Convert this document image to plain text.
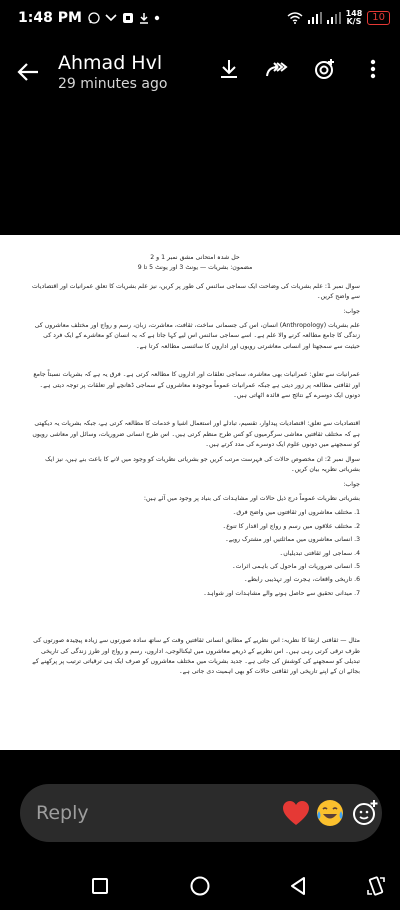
1:48 PM	148
K/S	10
Ahmad Hvl
29 minutes ago
حل شدہ امتحانی مشق نمبر 1 و 2
مضمون: بشریات — یونٹ 3 اور یونٹ 5 تا 9

سوال نمبر 1: علم بشریات کی وضاحت ایک سماجی سائنس کی طور پر کریں، نیز علم بشریات کا تعلق عمرانیات اور اقتصادیات سے واضح کریں۔

جواب:

علم بشریات (Anthropology) انسان، اس کی جسمانی ساخت، ثقافت، معاشرت، زبان، رسم و رواج اور مختلف معاشروں کی زندگی کا جامع مطالعہ کرنے والا علم ہے۔ اسے سماجی سائنس اس لیے کہا جاتا ہے کہ یہ انسان کو معاشرے کے ایک فرد کی حیثیت سے سمجھتا اور انسانی معاشرتی رویوں اور اداروں کا سائنسی مطالعہ کرتا ہے۔

عمرانیات سے تعلق: عمرانیات بھی معاشرہ، سماجی تعلقات اور اداروں کا مطالعہ کرتی ہے۔ فرق یہ ہے کہ بشریات نسبتاً جامع اور ثقافتی مطالعہ پر زور دیتی ہے جبکہ عمرانیات عموماً موجودہ معاشروں کے سماجی ڈھانچے اور تعلقات پر توجہ دیتی ہے۔ دونوں ایک دوسرے کے نتائج سے فائدہ اٹھاتی ہیں۔

اقتصادیات سے تعلق: اقتصادیات پیداوار، تقسیم، تبادلے اور استعمال اشیا و خدمات کا مطالعہ کرتی ہے، جبکہ بشریات یہ دیکھتی ہے کہ مختلف ثقافتیں معاشی سرگرمیوں کو کس طرح منظم کرتی ہیں۔ اس طرح انسانی ضروریات، وسائل اور معاشی رویوں کو سمجھنے میں دونوں علوم ایک دوسرے کی مدد کرتے ہیں۔

سوال نمبر 2: ان مخصوص حالات کی فہرست مرتب کریں جو بشریاتی نظریات کو وجود میں لانے کا باعث بنے ہیں، نیز ایک بشریاتی نظریہ بیان کریں۔

جواب:

بشریاتی نظریات عموماً درج ذیل حالات اور مشاہدات کی بنیاد پر وجود میں آئے ہیں:

1. مختلف معاشروں اور ثقافتوں میں واضح فرق۔
2. مختلف علاقوں میں رسم و رواج اور اقدار کا تنوع۔
3. انسانی معاشروں میں مماثلتیں اور مشترک رویے۔
4. سماجی اور ثقافتی تبدیلیاں۔
5. انسانی ضروریات اور ماحول کی باہمی اثرات۔
6. تاریخی واقعات، ہجرت اور تہذیبی رابطے۔
7. میدانی تحقیق سے حاصل ہونے والے مشاہدات اور شواہد۔

مثال — ثقافتی ارتقا کا نظریہ: اس نظریے کے مطابق انسانی ثقافتیں وقت کے ساتھ سادہ صورتوں سے زیادہ پیچیدہ صورتوں کی طرف ترقی کرتی رہی ہیں۔ اس نظریے کے ذریعے معاشروں میں ٹیکنالوجی، اداروں، رسم و رواج اور طرز زندگی کی تاریخی تبدیلی کو سمجھنے کی کوشش کی جاتی ہے۔ جدید بشریات میں مختلف معاشروں کو صرف ایک ہی ترقیاتی ترتیب پر پرکھنے کے بجائے ان کے اپنے تاریخی اور ثقافتی حالات کو بھی اہمیت دی جاتی ہے۔

Reply
